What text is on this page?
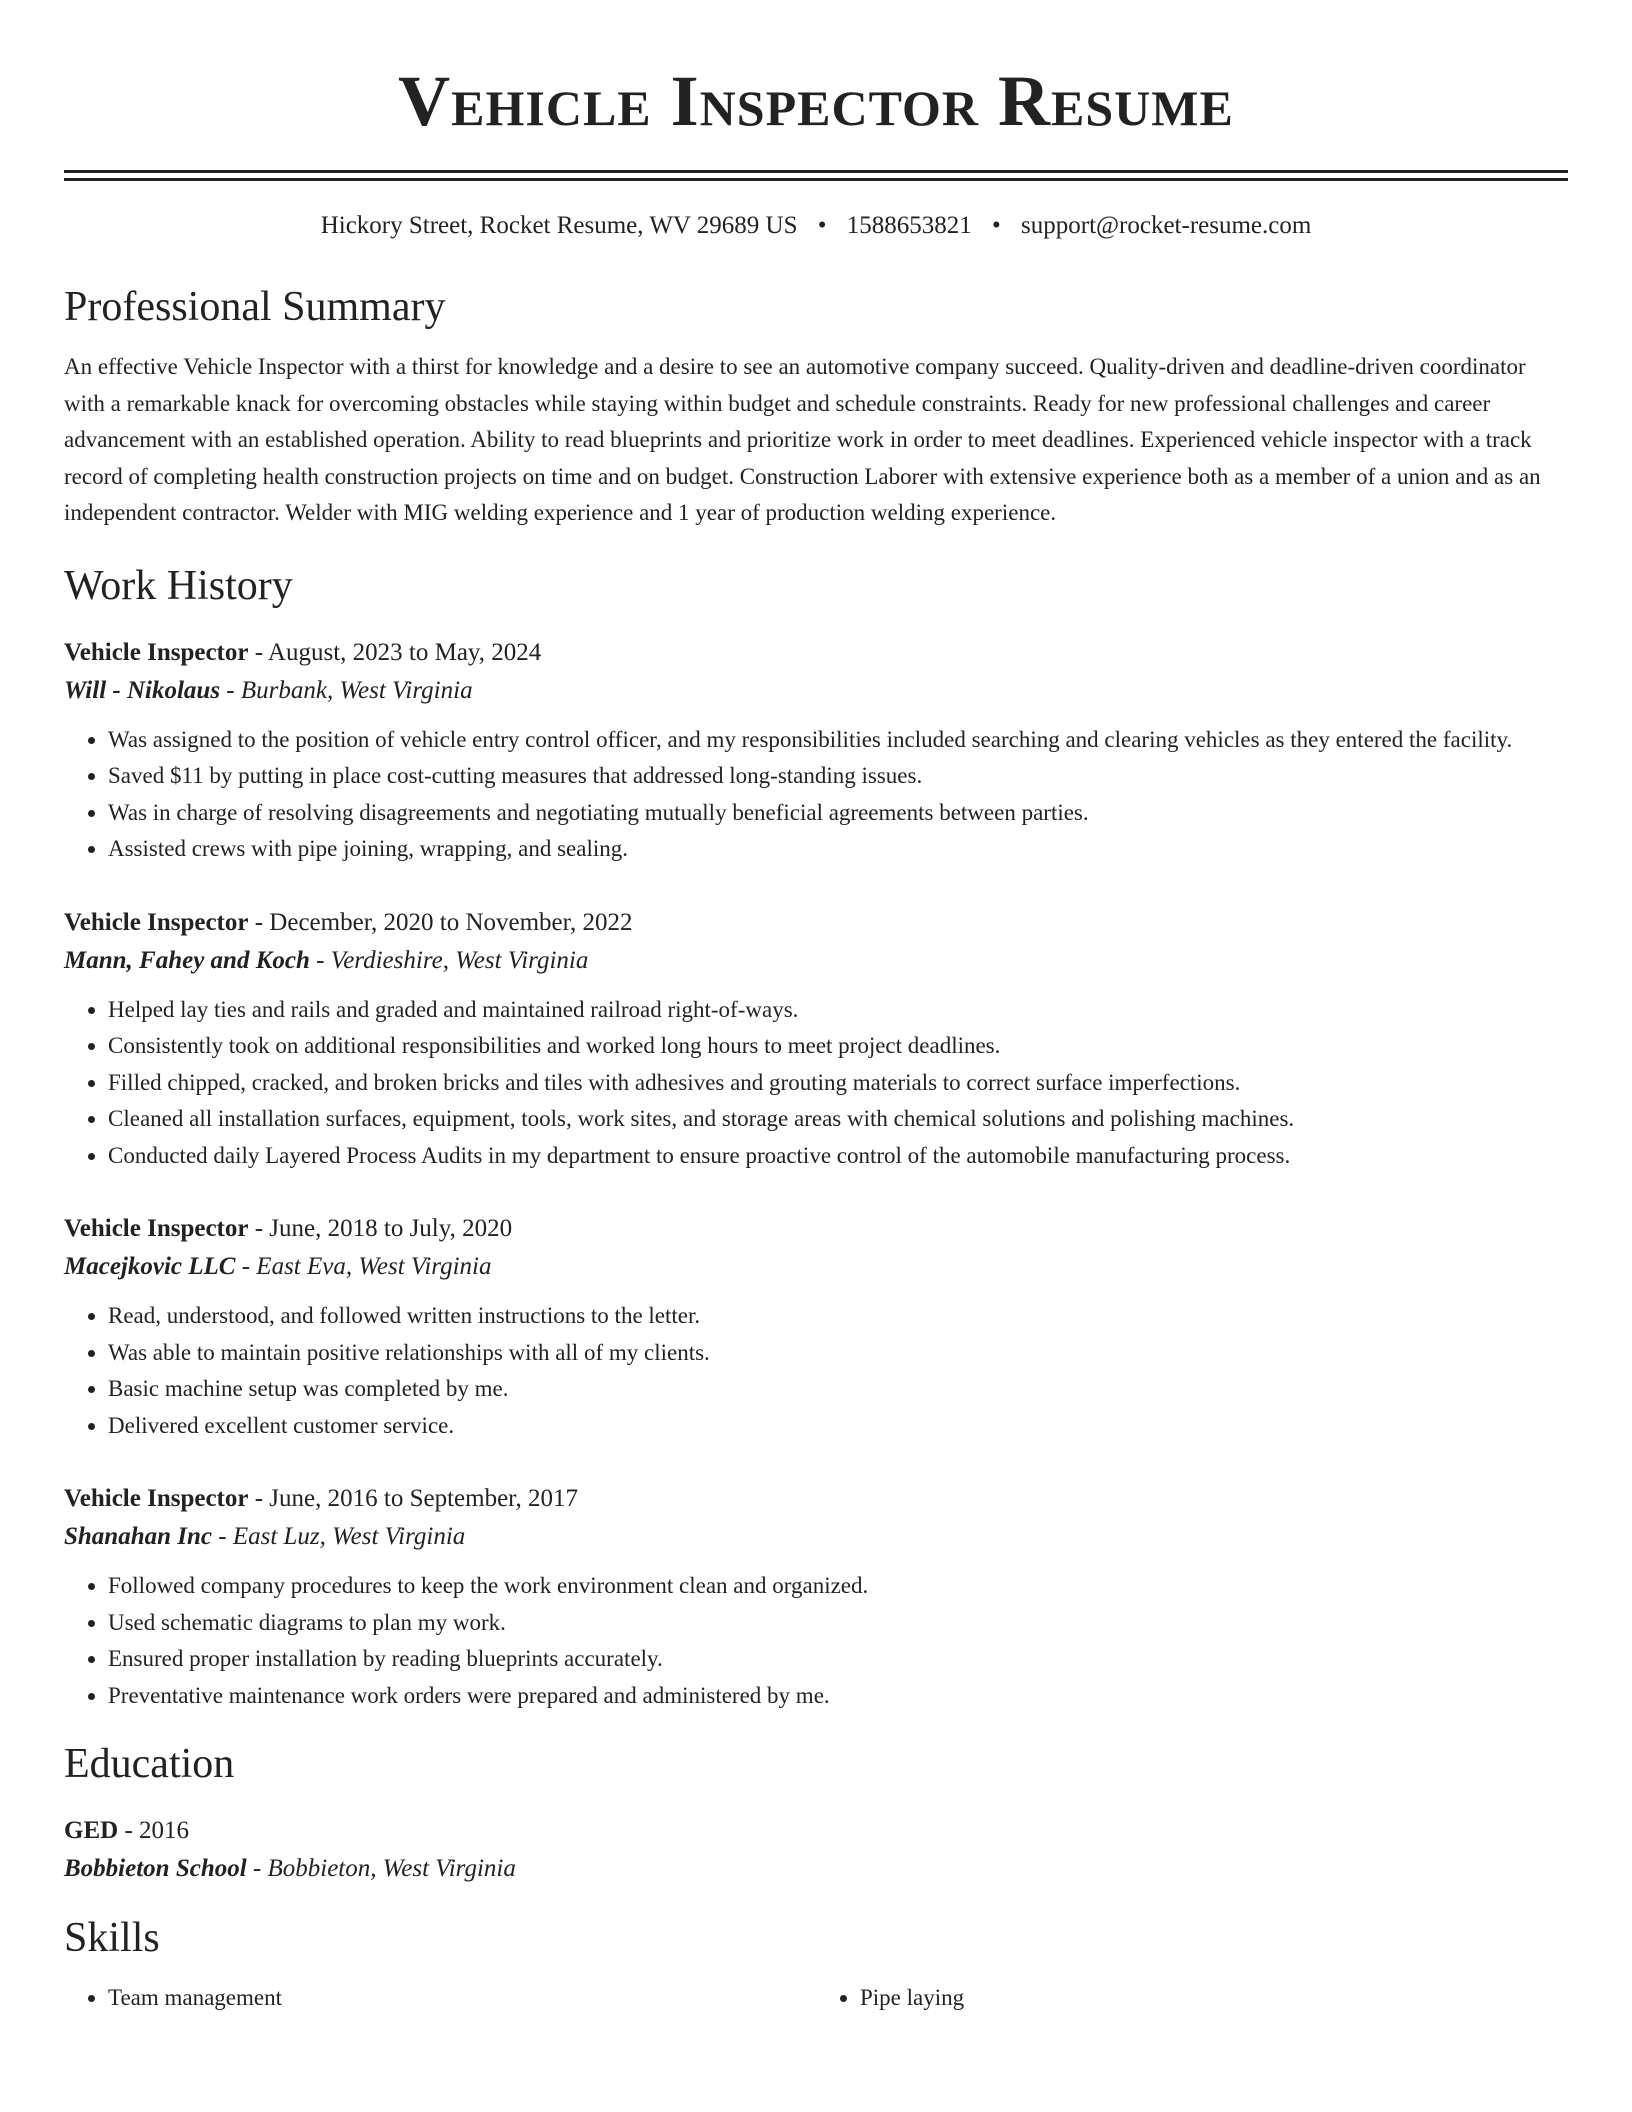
Vehicle Inspector Resume
Hickory Street, Rocket Resume, WV 29689 US • 1588653821 • support@rocket-resume.com
Professional Summary

An effective Vehicle Inspector with a thirst for knowledge and a desire to see an automotive company succeed. Quality-driven and deadline-driven coordinator with a remarkable knack for overcoming obstacles while staying within budget and schedule constraints. Ready for new professional challenges and career advancement with an established operation. Ability to read blueprints and prioritize work in order to meet deadlines. Experienced vehicle inspector with a track record of completing health construction projects on time and on budget. Construction Laborer with extensive experience both as a member of a union and as an independent contractor. Welder with MIG welding experience and 1 year of production welding experience.

Work History
Vehicle Inspector - August, 2023 to May, 2024
Will - Nikolaus - Burbank, West Virginia
• Was assigned to the position of vehicle entry control officer, and my responsibilities included searching and clearing vehicles as they entered the facility.
• Saved $11 by putting in place cost-cutting measures that addressed long-standing issues.
• Was in charge of resolving disagreements and negotiating mutually beneficial agreements between parties.
• Assisted crews with pipe joining, wrapping, and sealing.
Vehicle Inspector - December, 2020 to November, 2022
Mann, Fahey and Koch - Verdieshire, West Virginia
• Helped lay ties and rails and graded and maintained railroad right-of-ways.
• Consistently took on additional responsibilities and worked long hours to meet project deadlines.
• Filled chipped, cracked, and broken bricks and tiles with adhesives and grouting materials to correct surface imperfections.
• Cleaned all installation surfaces, equipment, tools, work sites, and storage areas with chemical solutions and polishing machines.
• Conducted daily Layered Process Audits in my department to ensure proactive control of the automobile manufacturing process.
Vehicle Inspector - June, 2018 to July, 2020
Macejkovic LLC - East Eva, West Virginia
• Read, understood, and followed written instructions to the letter.
• Was able to maintain positive relationships with all of my clients.
• Basic machine setup was completed by me.
• Delivered excellent customer service.
Vehicle Inspector - June, 2016 to September, 2017
Shanahan Inc - East Luz, West Virginia
• Followed company procedures to keep the work environment clean and organized.
• Used schematic diagrams to plan my work.
• Ensured proper installation by reading blueprints accurately.
• Preventative maintenance work orders were prepared and administered by me.
Education
GED - 2016
Bobbieton School - Bobbieton, West Virginia
Skills
• Team management
•	Pipe laying
